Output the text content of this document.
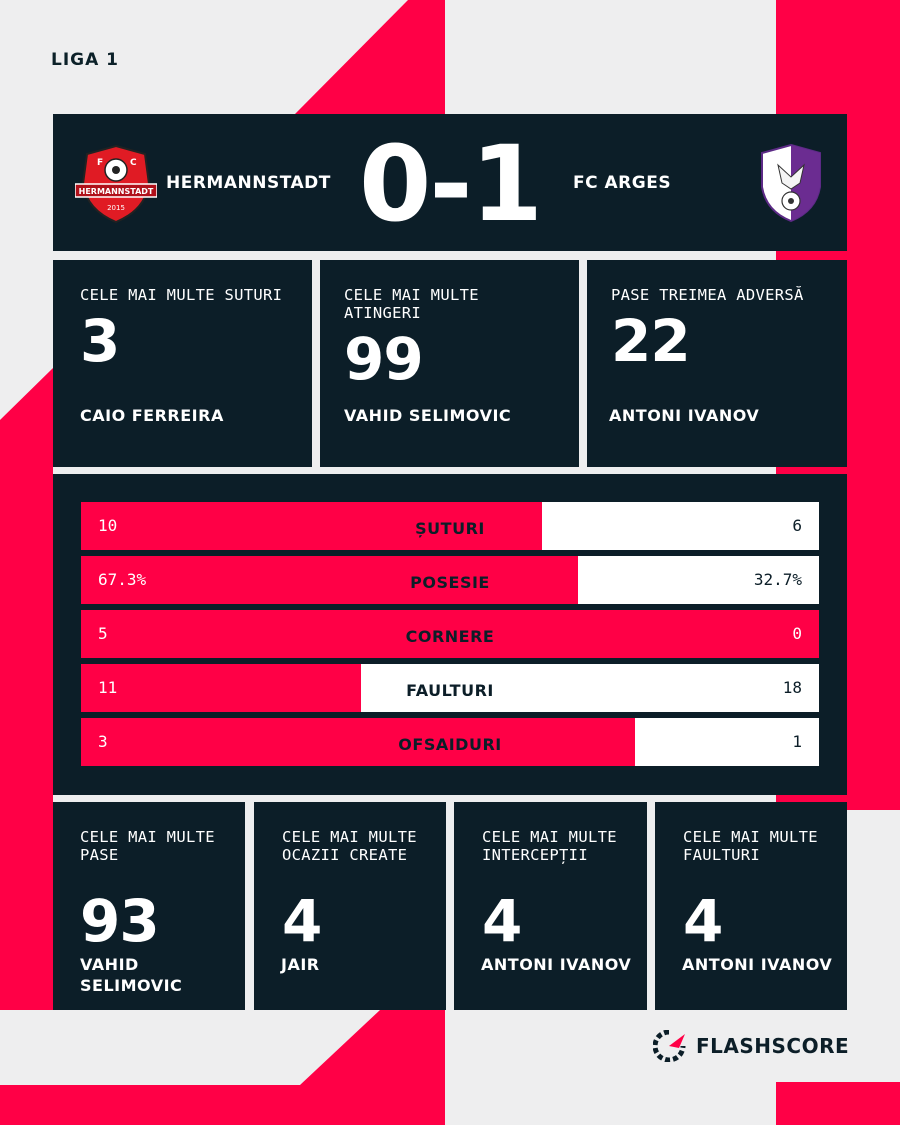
LIGA 1
F	C
HERMANNSTADT
2015
HERMANNSTADT 0-1	FC ARGES
CELE MAI MULTE SUTURI
3
CAIO FERREIRA
CELE MAI MULTE ATINGERI
99
VAHID SELIMOVIC
PASE TREIMEA ADVERSĂ
22
ANTONI IVANOV
10	ȘUTURI	6
67.3%	POSESIE	32.7%
5	CORNERE	0
11	FAULTURI	18
3	OFSAIDURI	1
CELE MAI MULTE PASE
93
VAHID SELIMOVIC
CELE MAI MULTE OCAZII CREATE
4
JAIR
CELE MAI MULTE INTERCEPȚII
4
ANTONI IVANOV
CELE MAI MULTE FAULTURI
4
ANTONI IVANOV
FLASHSCORE
